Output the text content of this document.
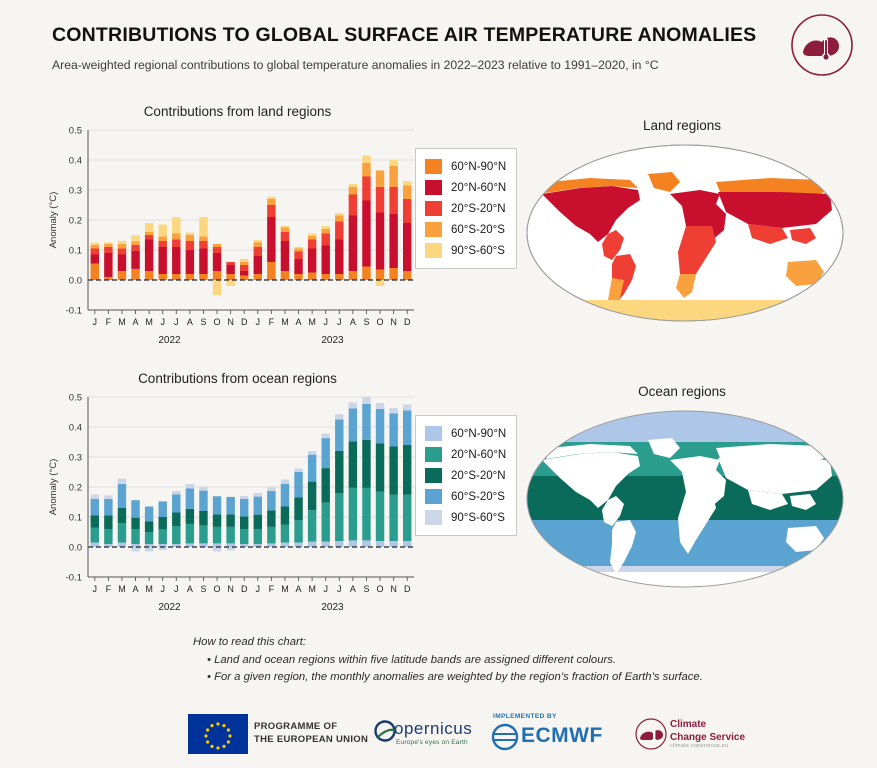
CONTRIBUTIONS TO GLOBAL SURFACE AIR TEMPERATURE ANOMALIES
Area-weighted regional contributions to global temperature anomalies in 2022–2023 relative to 1991–2020, in °C
Contributions from land regions
-0.1
0.0
0.1
0.2
0.3
0.4
0.5
J F M A M J J A S O N D J F M A M J J A S O N D
2022	2023
Anomaly (°C)
60°N-90°N
20°N-60°N
20°S-20°N
60°S-20°S
90°S-60°S
Land regions
Contributions from ocean regions
-0.1
0.0
0.1
0.2
0.3
0.4
0.5
J F M A M J J A S O N D J F M A M J J A S O N D
2022	2023
Anomaly (°C)
60°N-90°N
20°N-60°N
20°S-20°N
60°S-20°S
90°S-60°S
Ocean regions
How to read this chart:
• Land and ocean regions within five latitude bands are assigned different colours.
• For a given region, the monthly anomalies are weighted by the region’s fraction of Earth’s surface.
PROGRAMME OF
THE EUROPEAN UNION
opernicus
Europe's eyes on Earth
IMPLEMENTED BY
ECMWF	Climate
Change Service
climate.copernicus.eu
